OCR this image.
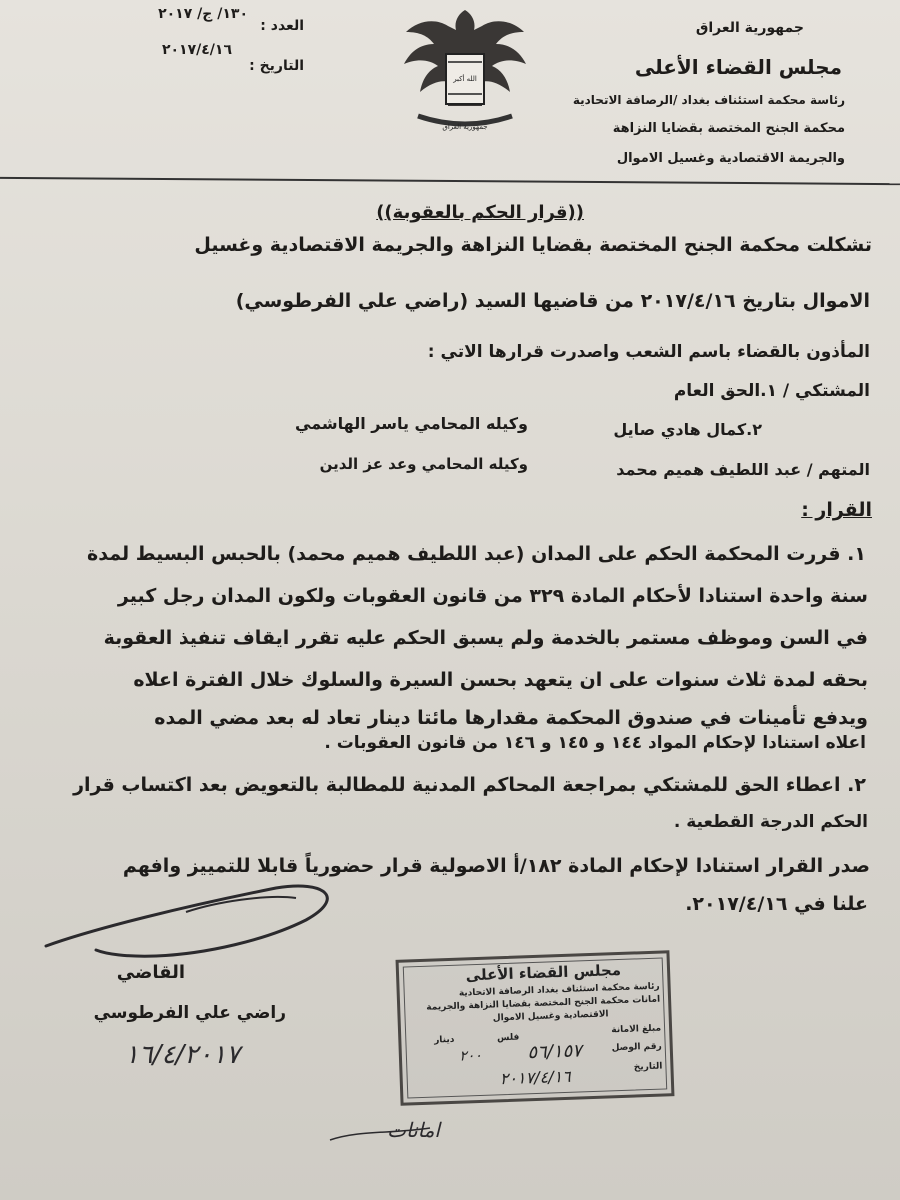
جمهورية العراق
مجلس القضاء الأعلى
رئاسة محكمة استئناف بغداد /الرصافة الاتحادية
محكمة الجنح المختصة بقضايا النزاهة
والجريمة الاقتصادية وغسيل الاموال
العدد :
١٣٠/ ج/ ٢٠١٧
التاريخ :
٢٠١٧/٤/١٦
الله أكبر
جمهورية العراق
((قرار الحكم بالعقوبة))
تشكلت محكمة الجنح المختصة بقضايا النزاهة والجريمة الاقتصادية وغسيل
الاموال بتاريخ ٢٠١٧/٤/١٦ من قاضيها السيد (راضي علي الفرطوسي)
المأذون بالقضاء باسم الشعب واصدرت قرارها الاتي :
المشتكي / ١.الحق العام
٢.كمال هادي صايل
وكيله المحامي ياسر الهاشمي
المتهم / عبد اللطيف هميم محمد
وكيله المحامي وعد عز الدين
القرار :
١. قررت المحكمة الحكم على المدان (عبد اللطيف هميم محمد) بالحبس البسيط لمدة
سنة واحدة استنادا لأحكام المادة ٣٢٩ من قانون العقوبات ولكون المدان رجل كبير
في السن وموظف مستمر بالخدمة ولم يسبق الحكم عليه تقرر ايقاف تنفيذ العقوبة
بحقه لمدة ثلاث سنوات على ان يتعهد بحسن السيرة والسلوك خلال الفترة اعلاه
ويدفع تأمينات في صندوق المحكمة مقدارها مائتا دينار تعاد له بعد مضي المده
اعلاه استنادا لإحكام المواد ١٤٤ و ١٤٥ و ١٤٦ من قانون العقوبات .
٢. اعطاء الحق للمشتكي بمراجعة المحاكم المدنية للمطالبة بالتعويض بعد اكتساب قرار
الحكم الدرجة القطعية .
صدر القرار استنادا لإحكام المادة ١٨٢/أ الاصولية قرار حضورياً قابلا للتمييز وافهم
علنا في ٢٠١٧/٤/١٦.
القاضي
راضي علي الفرطوسي
١٦/٤/٢٠١٧
مجلس القضاء الأعلى
رئاسة محكمة استئناف بغداد الرصافة الاتحادية
امانات محكمة الجنح المختصة بقضايا النزاهة والجريمة
الاقتصادية وغسيل الاموال
مبلغ الامانة
فلس
دينار
رقم الوصل
٥٦/١٥٧
٢٠٠
التاريخ
٢٠١٧/٤/١٦
امانات
